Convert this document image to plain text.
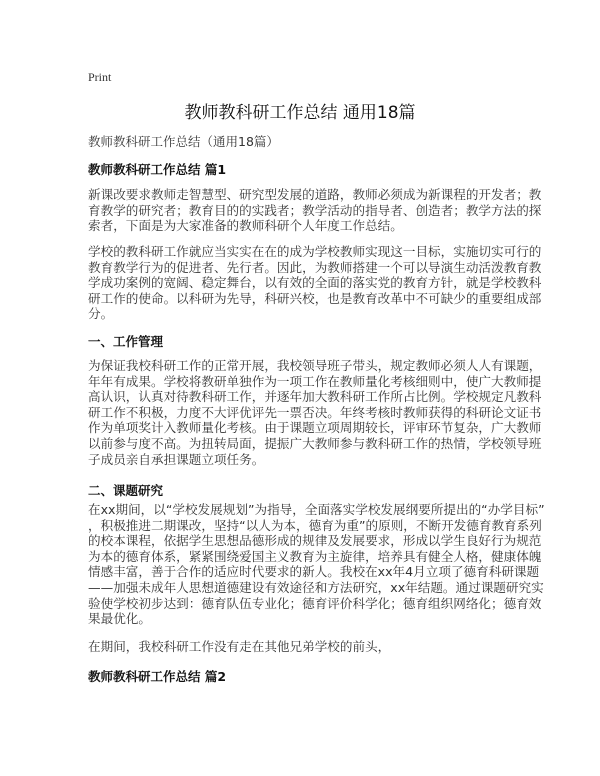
Print
教师教科研工作总结 通用18篇
教师教科研工作总结（通用18篇）
教师教科研工作总结 篇1
新课改要求教师走智慧型、研究型发展的道路，教师必须成为新课程的开发者；教
育教学的研究者；教育目的的实践者；教学活动的指导者、创造者；教学方法的探
索者，下面是为大家准备的教师科研个人年度工作总结。
学校的教科研工作就应当实实在在的成为学校教师实现这一目标，实施切实可行的
教育教学行为的促进者、先行者。因此，为教师搭建一个可以导演生动活泼教育教
学成功案例的宽阔、稳定舞台，以有效的全面的落实党的教育方针，就是学校教科
研工作的使命。以科研为先导，科研兴校，也是教育改革中不可缺少的重要组成部
分。
一、工作管理
为保证我校科研工作的正常开展，我校领导班子带头，规定教师必须人人有课题，
年年有成果。学校将教研单独作为一项工作在教师量化考核细则中，使广大教师提
高认识，认真对待教科研工作，并逐年加大教科研工作所占比例。学校规定凡教科
研工作不积极，力度不大评优评先一票否决。年终考核时教师获得的科研论文证书
作为单项奖计入教师量化考核。由于课题立项周期较长，评审环节复杂，广大教师
以前参与度不高。为扭转局面，提振广大教师参与教科研工作的热情，学校领导班
子成员亲自承担课题立项任务。
二、课题研究
在xx期间，以“学校发展规划”为指导，全面落实学校发展纲要所提出的“办学目标”
，积极推进二期课改，坚持“以人为本，德育为重”的原则，不断开发德育教育系列
的校本课程，依据学生思想品德形成的规律及发展要求，形成以学生良好行为规范
为本的德育体系，紧紧围绕爱国主义教育为主旋律，培养具有健全人格，健康体魄
情感丰富，善于合作的适应时代要求的新人。我校在xx年4月立项了德育科研课题
——加强未成年人思想道德建设有效途径和方法研究，xx年结题。通过课题研究实
验使学校初步达到：德育队伍专业化；德育评价科学化；德育组织网络化；德育效
果最优化。
在期间，我校科研工作没有走在其他兄弟学校的前头，
教师教科研工作总结 篇2
